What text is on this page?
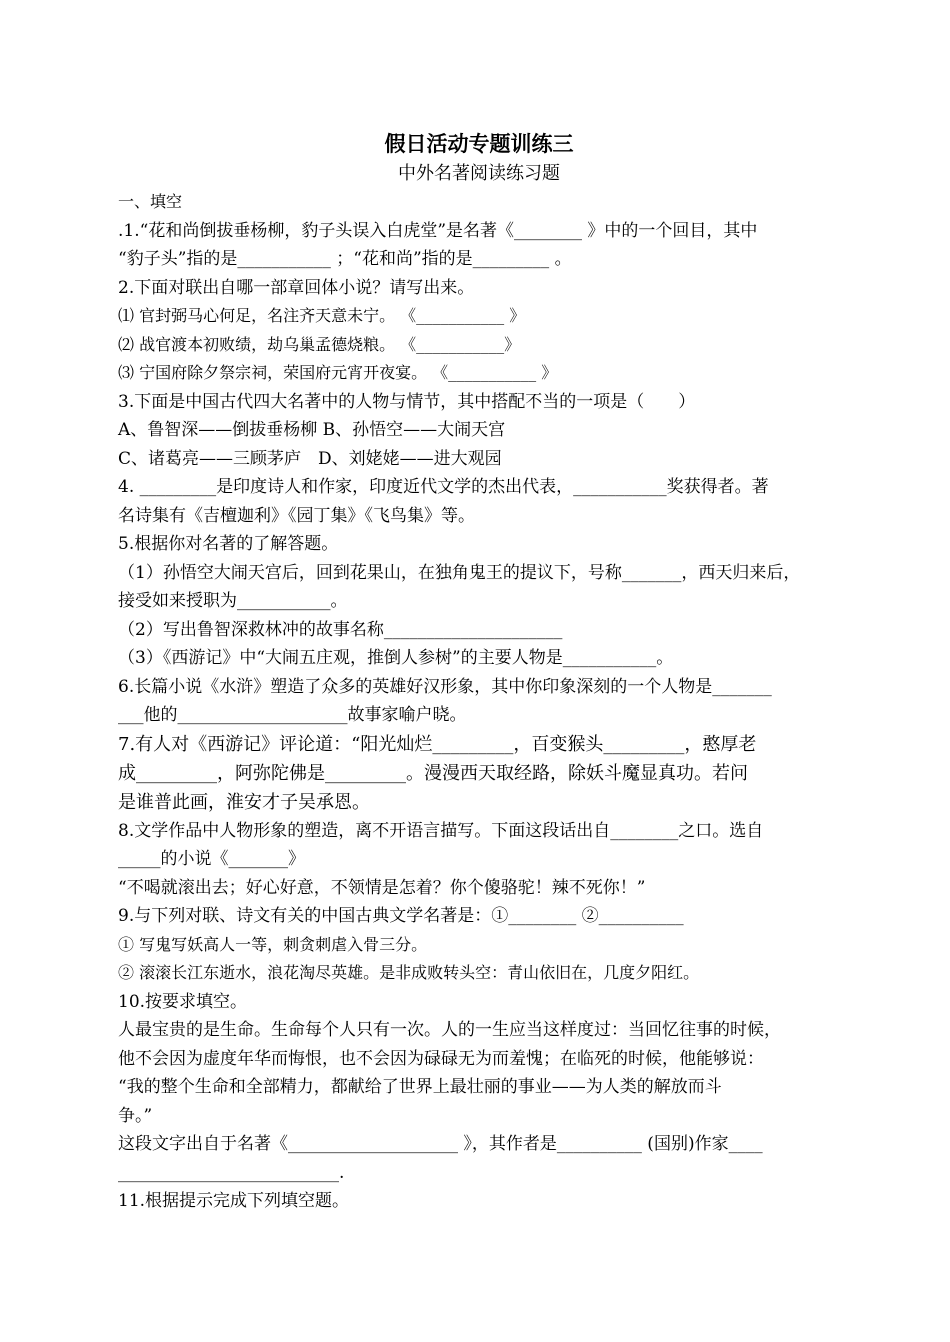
假日活动专题训练三

中外名著阅读练习题

一、填空

.1.“花和尚倒拔垂杨柳，豹子头误入白虎堂”是名著《________ 》中的一个回目，其中

“豹子头”指的是___________ ；“花和尚”指的是_________ 。

2.下面对联出自哪一部章回体小说？请写出来。

⑴ 官封弼马心何足，名注齐天意未宁。 《___________ 》

⑵ 战官渡本初败绩，劫乌巢孟德烧粮。 《___________》

⑶ 宁国府除夕祭宗祠，荣国府元宵开夜宴。 《___________ 》

3.下面是中国古代四大名著中的人物与情节，其中搭配不当的一项是（　　）

A、鲁智深——倒拔垂杨柳 B、孙悟空——大闹天宫

C、诸葛亮——三顾茅庐　D、刘姥姥——进大观园

4. _________是印度诗人和作家，印度近代文学的杰出代表，___________奖获得者。著

名诗集有《吉檀迦利》《园丁集》《飞鸟集》等。

5.根据你对名著的了解答题。

（1）孙悟空大闹天宫后，回到花果山，在独角鬼王的提议下，号称_______，西天归来后，

接受如来授职为___________。

（2）写出鲁智深救林冲的故事名称_____________________

（3）《西游记》中“大闹五庄观，推倒人参树”的主要人物是___________。

6.长篇小说《水浒》塑造了众多的英雄好汉形象，其中你印象深刻的一个人物是_______

___他的____________________故事家喻户晓。

7.有人对《西游记》评论道：“阳光灿烂_________，百变猴头_________，憨厚老

成_________，阿弥陀佛是_________。漫漫西天取经路，除妖斗魔显真功。若问

是谁普此画，淮安才子吴承恩。

8.文学作品中人物形象的塑造，离不开语言描写。下面这段话出自________之口。选自

_____的小说《_______》

“不喝就滚出去；好心好意，不领情是怎着？你个傻骆驼！辣不死你！”

9.与下列对联、诗文有关的中国古典文学名著是：①________ ②__________

① 写鬼写妖高人一等，刺贪刺虐入骨三分。

② 滚滚长江东逝水，浪花淘尽英雄。是非成败转头空：青山依旧在，几度夕阳红。

10.按要求填空。

人最宝贵的是生命。生命每个人只有一次。人的一生应当这样度过：当回忆往事的时候，

他不会因为虚度年华而悔恨，也不会因为碌碌无为而羞愧；在临死的时候，他能够说：

“我的整个生命和全部精力，都献给了世界上最壮丽的事业——为人类的解放而斗

争。”

这段文字出自于名著《____________________ 》，其作者是__________ (国别)作家____

__________________________.

11.根据提示完成下列填空题。
